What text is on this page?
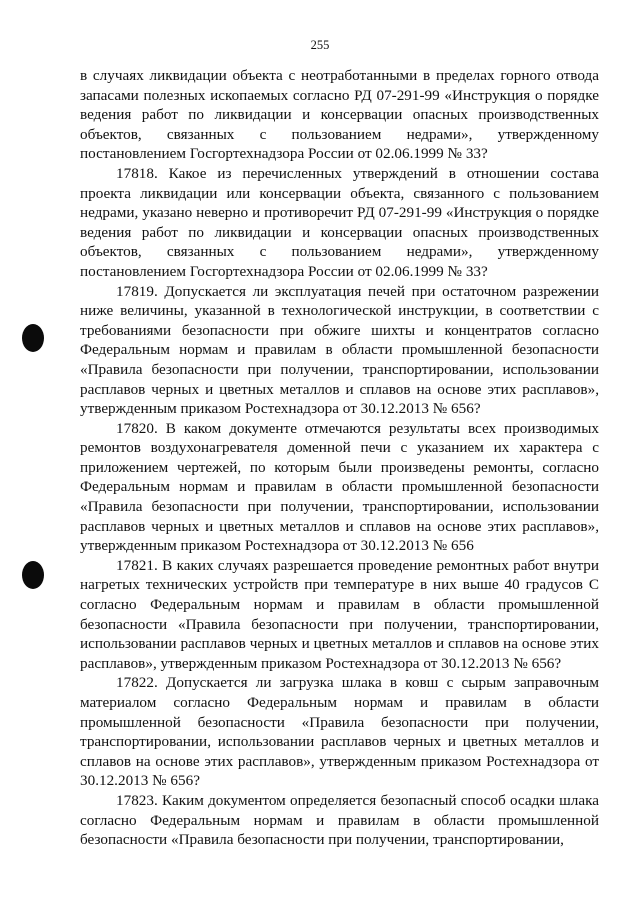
255

в случаях ликвидации объекта с неотработанными в пределах горного отвода запасами полезных ископаемых согласно РД 07-291-99 «Инструкция о порядке ведения работ по ликвидации и консервации опасных производственных объектов, связанных с пользованием недрами», утвержденному постановлением Госгортехнадзора России от 02.06.1999 № 33?

17818. Какое из перечисленных утверждений в отношении состава проекта ликвидации или консервации объекта, связанного с пользованием недрами, указано неверно и противоречит РД 07-291-99 «Инструкция о порядке ведения работ по ликвидации и консервации опасных производственных объектов, связанных с пользованием недрами», утвержденному постановлением Госгортехнадзора России от 02.06.1999 № 33?

17819. Допускается ли эксплуатация печей при остаточном разрежении ниже величины, указанной в технологической инструкции, в соответствии с требованиями безопасности при обжиге шихты и концентратов согласно Федеральным нормам и правилам в области промышленной безопасности «Правила безопасности при получении, транспортировании, использовании расплавов черных и цветных металлов и сплавов на основе этих расплавов», утвержденным приказом Ростехнадзора от 30.12.2013 № 656?

17820. В каком документе отмечаются результаты всех производимых ремонтов воздухонагревателя доменной печи с указанием их характера с приложением чертежей, по которым были произведены ремонты, согласно Федеральным нормам и правилам в области промышленной безопасности «Правила безопасности при получении, транспортировании, использовании расплавов черных и цветных металлов и сплавов на основе этих расплавов», утвержденным приказом Ростехнадзора от 30.12.2013 № 656

17821. В каких случаях разрешается проведение ремонтных работ внутри нагретых технических устройств при температуре в них выше 40 градусов С согласно Федеральным нормам и правилам в области промышленной безопасности «Правила безопасности при получении, транспортировании, использовании расплавов черных и цветных металлов и сплавов на основе этих расплавов», утвержденным приказом Ростехнадзора от 30.12.2013 № 656?

17822. Допускается ли загрузка шлака в ковш с сырым заправочным материалом согласно Федеральным нормам и правилам в области промышленной безопасности «Правила безопасности при получении, транспортировании, использовании расплавов черных и цветных металлов и сплавов на основе этих расплавов», утвержденным приказом Ростехнадзора от 30.12.2013 № 656?

17823. Каким документом определяется безопасный способ осадки шлака согласно Федеральным нормам и правилам в области промышленной безопасности «Правила безопасности при получении, транспортировании,
